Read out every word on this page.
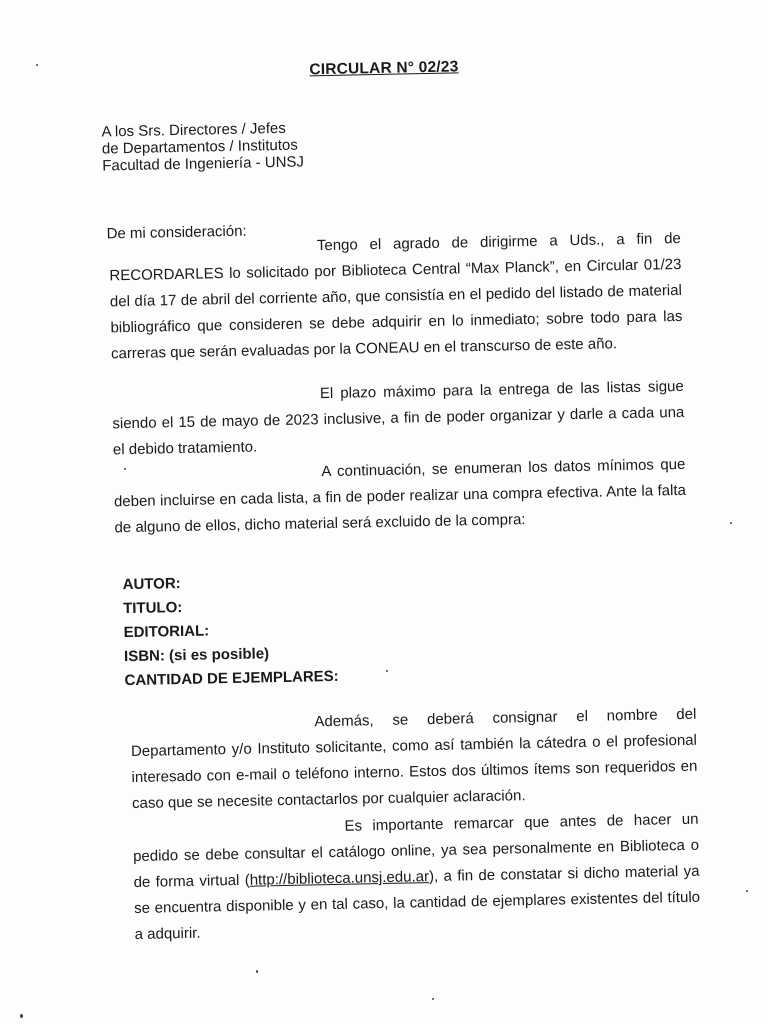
CIRCULAR N° 02/23
A los Srs. Directores / Jefes
de Departamentos / Institutos
Facultad de Ingeniería - UNSJ
De mi consideración:	Tengo el agrado de dirigirme a Uds., a fin de RECORDARLES lo solicitado por Biblioteca Central “Max Planck”, en Circular 01/23 del día 17 de abril del corriente año, que consistía en el pedido del listado de material bibliográfico que consideren se debe adquirir en lo inmediato; sobre todo para las carreras que serán evaluadas por la CONEAU en el transcurso de este año.
El plazo máximo para la entrega de las listas sigue siendo el 15 de mayo de 2023 inclusive, a fin de poder organizar y darle a cada una el debido tratamiento.
A continuación, se enumeran los datos mínimos que deben incluirse en cada lista, a fin de poder realizar una compra efectiva. Ante la falta de alguno de ellos, dicho material será excluido de la compra:
AUTOR:
TITULO:
EDITORIAL:
ISBN: (si es posible)
CANTIDAD DE EJEMPLARES:
Además, se deberá consignar el nombre del Departamento y/o Instituto solicitante, como así también la cátedra o el profesional interesado con e-mail o teléfono interno. Estos dos últimos ítems son requeridos en caso que se necesite contactarlos por cualquier aclaración.
Es importante remarcar que antes de hacer un pedido se debe consultar el catálogo online, ya sea personalmente en Biblioteca o de forma virtual (http://biblioteca.unsj.edu.ar), a fin de constatar si dicho material ya se encuentra disponible y en tal caso, la cantidad de ejemplares existentes del título a adquirir.
